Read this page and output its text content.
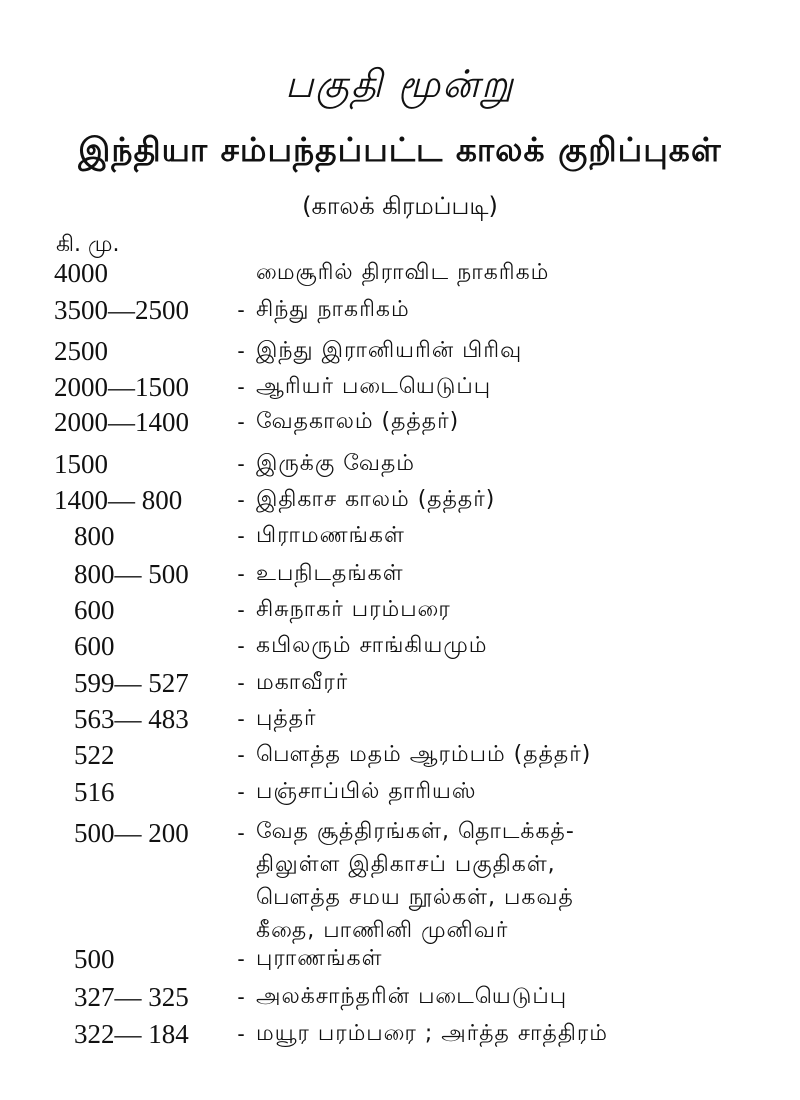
பகுதி மூன்று
இந்தியா சம்பந்தப்பட்ட காலக் குறிப்புகள்
(காலக் கிரமப்படி)
கி. மு.
4000	மைசூரில் திராவிட நாகரிகம்
3500—2500	- சிந்து நாகரிகம்
2500	- இந்து இரானியரின் பிரிவு
2000—1500	- ஆரியர் படையெடுப்பு
2000—1400	- வேதகாலம் (தத்தர்)
1500	- இருக்கு வேதம்
1400— 800	- இதிகாச காலம் (தத்தர்)
800	- பிராமணங்கள்
800— 500	- உபநிடதங்கள்
600	- சிசுநாகர் பரம்பரை
600	- கபிலரும் சாங்கியமும்
599— 527	- மகாவீரர்
563— 483	- புத்தர்
522	- பௌத்த மதம் ஆரம்பம் (தத்தர்)
516	- பஞ்சாப்பில் தாரியஸ்
500— 200	- வேத சூத்திரங்கள், தொடக்கத்-
திலுள்ள இதிகாசப் பகுதிகள்,
பௌத்த சமய நூல்கள், பகவத்
கீதை, பாணினி முனிவர்
500	- புராணங்கள்
327— 325	- அலக்சாந்தரின் படையெடுப்பு
322— 184	- மயூர பரம்பரை ; அர்த்த சாத்திரம்
